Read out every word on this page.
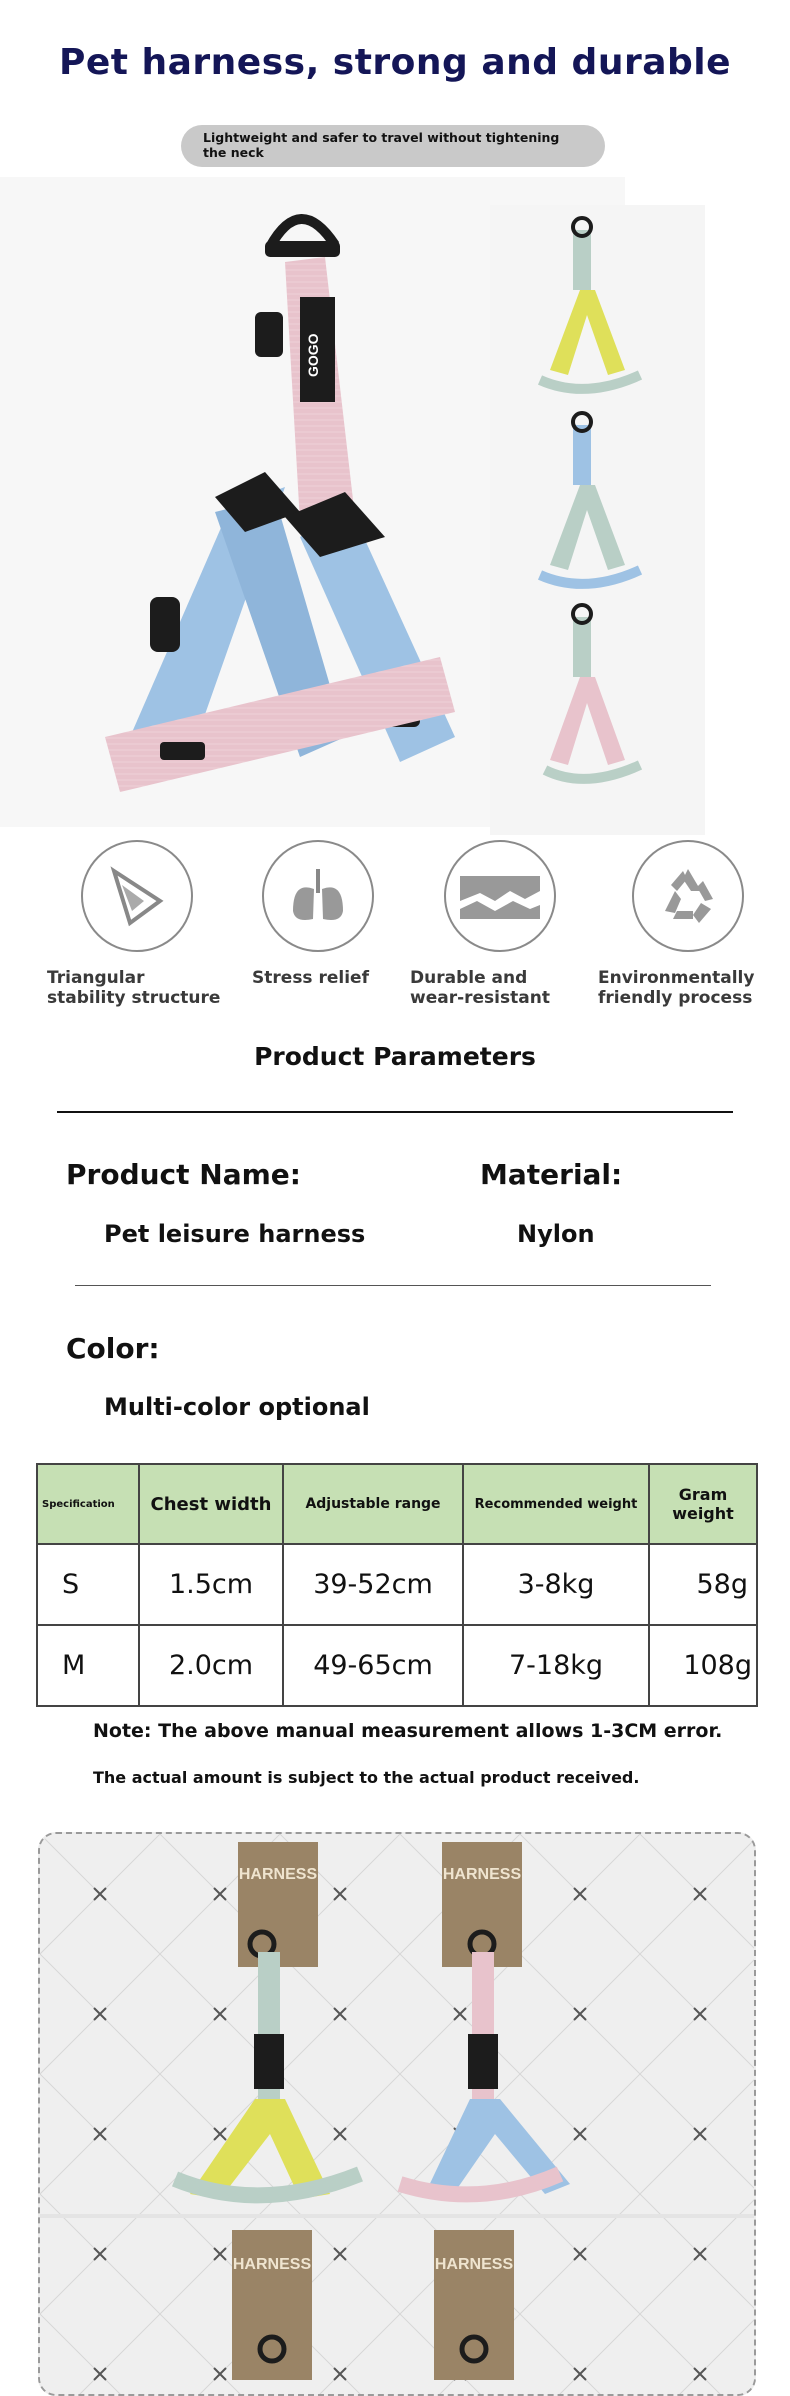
Pet harness, strong and durable
Lightweight and safer to travel without tightening the neck
GOGO
Triangular stability structure
Stress relief	Durable and wear-resistant
Environmentally friendly process
Product Parameters
Product Name:	Material:
Pet leisure harness	Nylon
Color:
Multi-color optional
Specification	Chest width	Adjustable range	Recommended weight	Gram weight
S	1.5cm	39-52cm	3-8kg	58g
M	2.0cm	49-65cm	7-18kg	108g
Note: The above manual measurement allows 1-3CM error.
The actual amount is subject to the actual product received.
HARNESS	HARNESS
HARNESS	HARNESS
